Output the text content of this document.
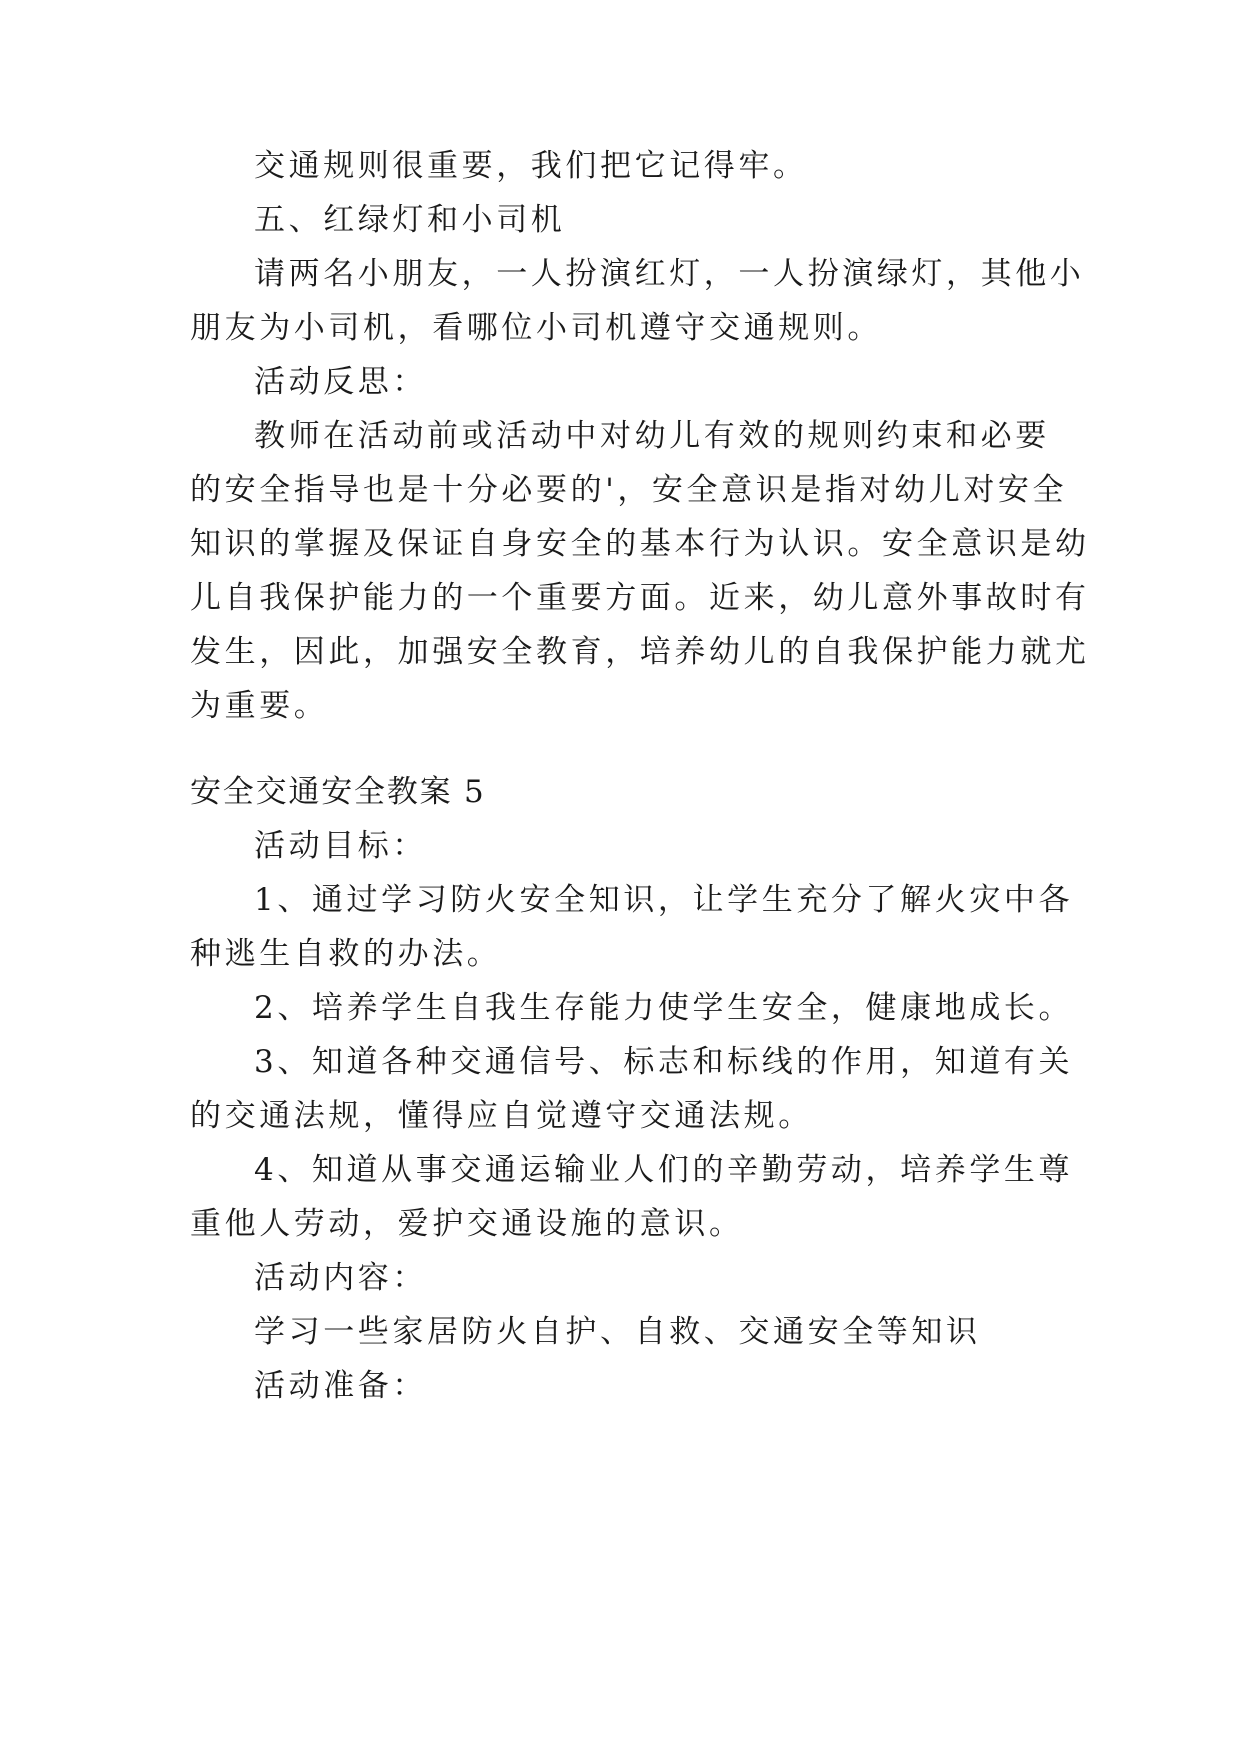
交通规则很重要，我们把它记得牢。
五、红绿灯和小司机
请两名小朋友，一人扮演红灯，一人扮演绿灯，其他小
朋友为小司机，看哪位小司机遵守交通规则。
活动反思：
教师在活动前或活动中对幼儿有效的规则约束和必要
的安全指导也是十分必要的'，安全意识是指对幼儿对安全
知识的掌握及保证自身安全的基本行为认识。安全意识是幼
儿自我保护能力的一个重要方面。近来，幼儿意外事故时有
发生，因此，加强安全教育，培养幼儿的自我保护能力就尤
为重要。
安全交通安全教案 5
活动目标：
1、通过学习防火安全知识，让学生充分了解火灾中各
种逃生自救的办法。
2、培养学生自我生存能力使学生安全，健康地成长。
3、知道各种交通信号、标志和标线的作用，知道有关
的交通法规，懂得应自觉遵守交通法规。
4、知道从事交通运输业人们的辛勤劳动，培养学生尊
重他人劳动，爱护交通设施的意识。
活动内容：
学习一些家居防火自护、自救、交通安全等知识
活动准备：
